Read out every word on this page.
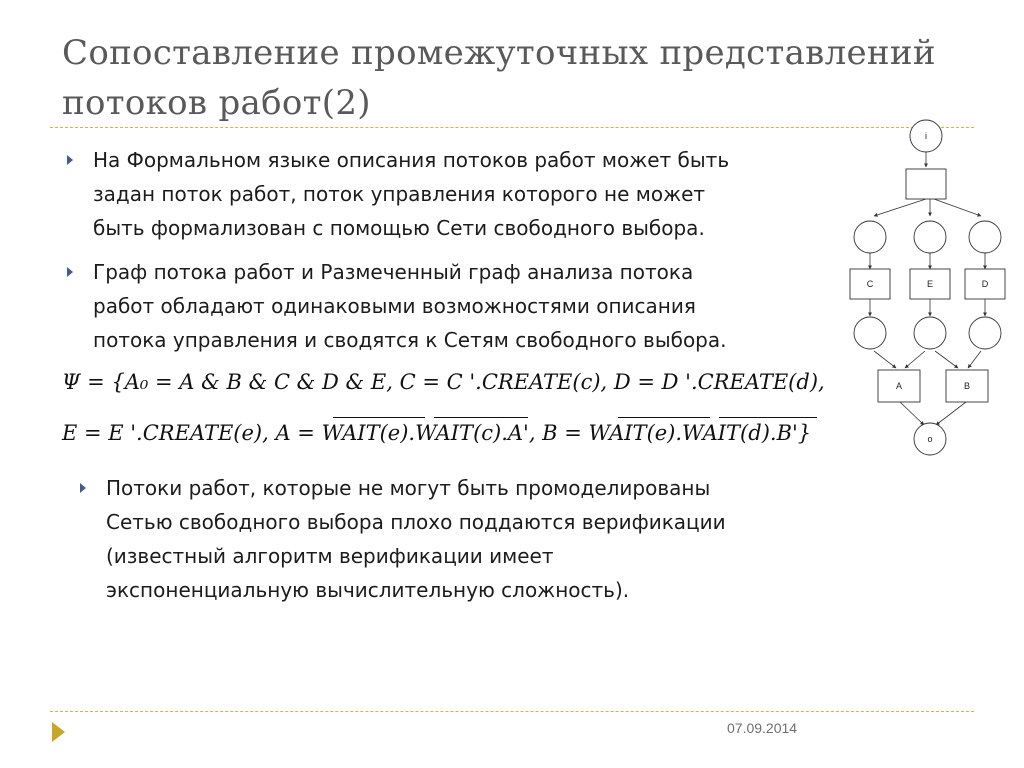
Сопоставление промежуточных представлений
потоков работ(2)
На Формальном языке описания потоков работ может быть
задан поток работ, поток управления которого не может
быть формализован с помощью Сети свободного выбора.
Граф потока работ и Размеченный граф анализа потока
работ обладают одинаковыми возможностями описания
потока управления и сводятся к Сетям свободного выбора.
Ψ = {A₀ = A & B & C & D & E, C = C '.CREATE(c), D = D '.CREATE(d),
E = E '.CREATE(e), A = WAIT(e).WAIT(c).A', B = WAIT(e).WAIT(d).B'}
Потоки работ, которые не могут быть промоделированы
Сетью свободного выбора плохо поддаются верификации
(известный алгоритм верификации имеет
экспоненциальную вычислительную сложность).
i
C	E	D
A	B
o
07.09.2014
